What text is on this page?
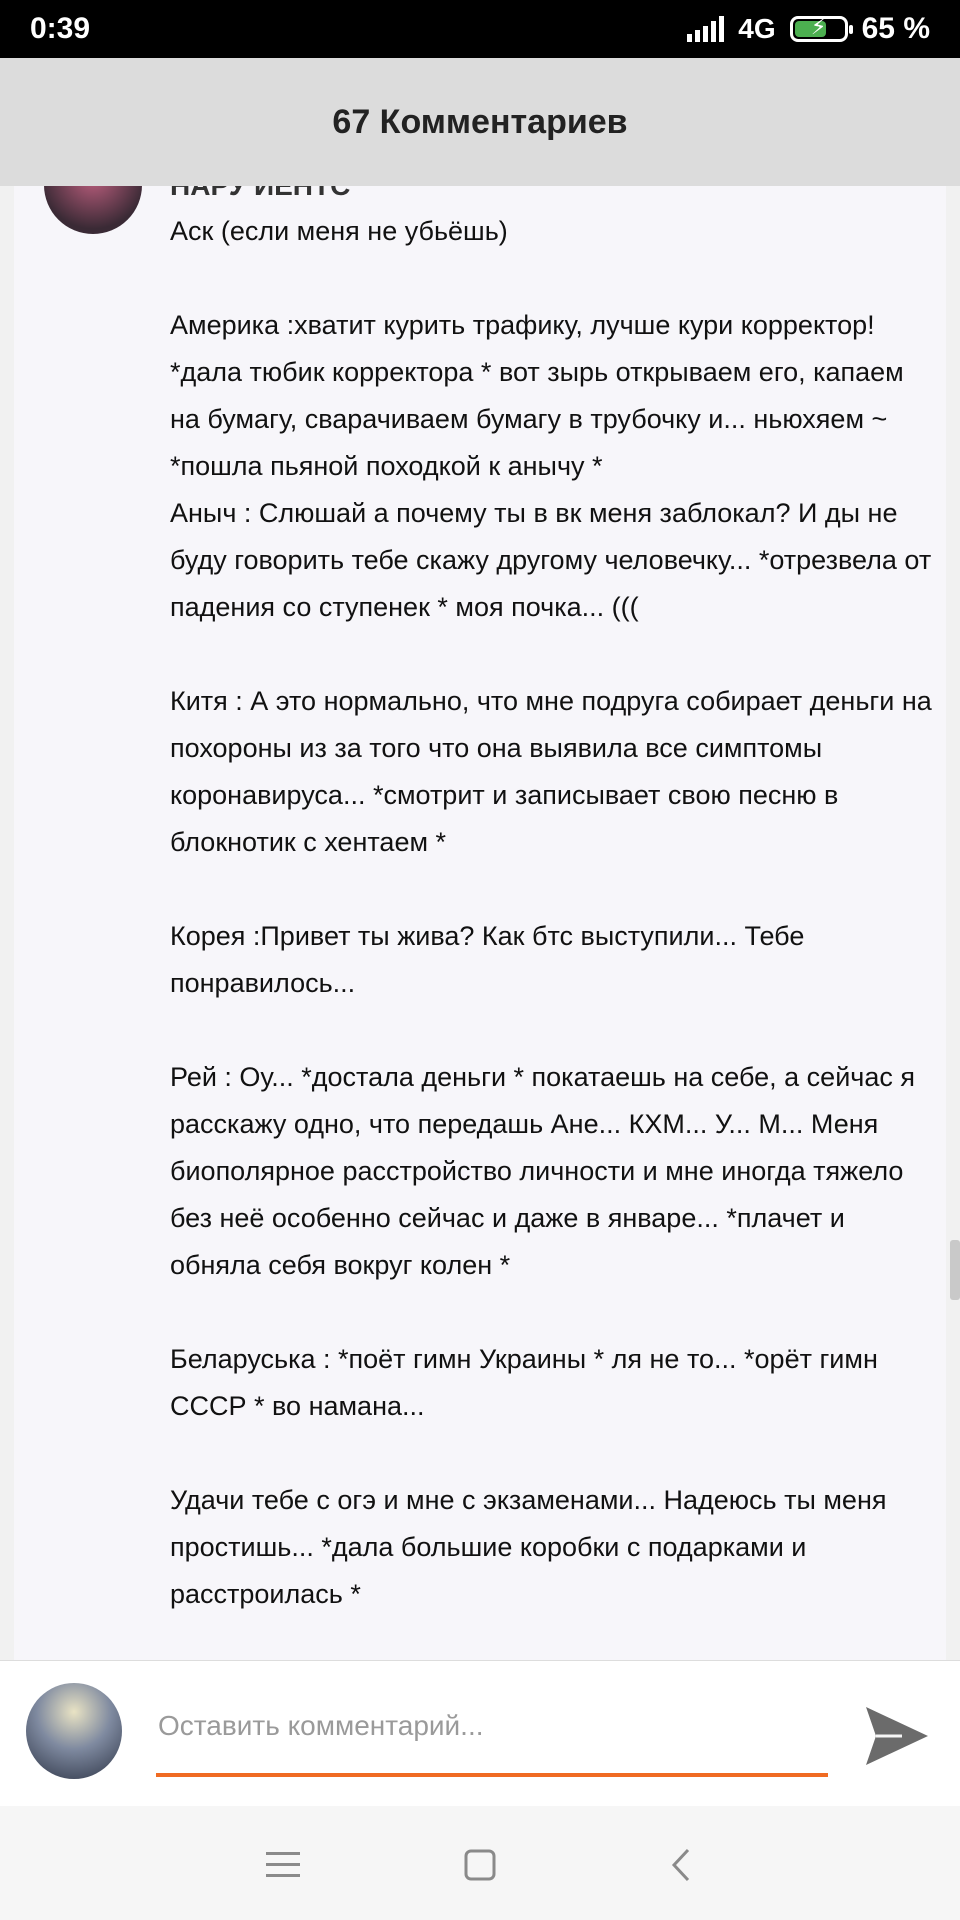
0:39	4G	⚡	65 %
67 Комментариев
Аск (если меня не убьёшь)

Америка :хватит курить трафику, лучше кури корректор! *дала тюбик корректора * вот зырь открываем его, капаем на бумагу, сварачиваем бумагу в трубочку и... ньюхяем ~ *пошла пьяной походкой к анычу *
Аныч : Слюшай а почему ты в вк меня заблокал? И ды не буду говорить тебе скажу другому человечку... *отрезвела от падения со ступенек * моя почка... (((

Китя : А это нормально, что мне подруга собирает деньги на похороны из за того что она выявила все симптомы коронавируса... *смотрит и записывает свою песню в блокнотик с хентаем *

Корея :Привет ты жива? Как бтс выступили... Тебе понравилось...

Рей : Оу... *достала деньги * покатаешь на себе, а сейчас я расскажу одно, что передашь Ане... КХМ... У... М... Меня биополярное расстройство личности и мне иногда тяжело без неё особенно сейчас и даже в январе... *плачет и обняла себя вокруг колен *

Беларуська : *поёт гимн Украины * ля не то... *орёт гимн СССР * во намана...

Удачи тебе с огэ и мне с экзаменами... Надеюсь ты меня простишь... *дала большие коробки с подарками и расстроилась *
Оставить комментарий...
